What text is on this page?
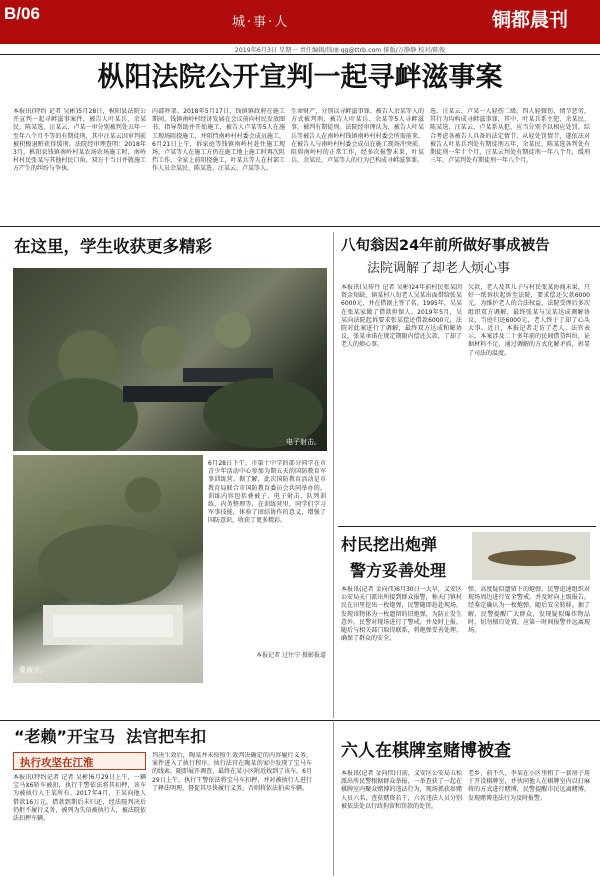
B/06	城·事·人	铜都晨刊
2019年6月3日 星期一 责任编辑/钱丽 qg@ttrb.com 排版/万静静 校对/陈俊
枞阳法院公开宣判一起寻衅滋事案
本报讯(特约 记者 吴彬)5月28日，枞阳县法院公开宣判一起寻衅滋事案件，被告人叶某兵、余某民、陈某选、汪某云、卢某一审分别被判处五年一至年八个月不等的有期徒刑，其中汪某云因审判前被积极退赃获得缓刑。法院经审理查明：2018年3月，枞阳县钱镇南岭村某农场农场施工时，南岭村村民张某与其他村民口角，双方于当日并就施工方产生的纠纷与争执。
内部吵架。2018年5月17日，钱镇镇政府在施工期间，钱镇南岭村经济发展在会议前向村民发放图书、指导帮助并开始施工，被告人卢某等5人在施工现场阻挠施工，并阻挡南岭村村委会成员施工，6月21日上午，诉家庭等钱镇南岭村赶往施工现场，卢某等人在施工方仍在施工地上施工时再次阻挡工作，全家上前阻挠施工，叶某兵等人在村部工作人员余某民、陈某选、汪某云、卢某等人。
生命财产，分别以寻衅滋事罪、被告人余某等人的方式被判刑，被告人叶某兵、余某等5人寻衅滋事，被判有期徒刑。法院经审理认为，被告人叶某兵等被告人在南岭村钱镇南岭村村委会所需前来，在被告人与南岭村村委会成员在施工现场冲突前，阻碍南岭村的正常工作，经多次报警未果，叶某兵、余某民、卢某等人的行为已构成寻衅滋事罪。
选、汪某云、卢某一人轻伤二级、四人轻微伤，情节恶劣，其行为均构成寻衅滋事罪，其中，叶某兵系主犯、余某民、陈某选、汪某云、卢某系从犯，应当分别予以相应处罚。综合考虑各被告人具备的法定情节，从轻处罚情节，遂依法对被告人叶某兵判处有期徒刑五年，余某民、陈某选各判处有期徒刑一年十个月，汪某云判处有期徒刑一年八个月，缓刑三年，卢某判处有期徒刑一年八个月。
在这里，学生收获更多精彩
电子射击。
叠被子。
6月28日下午，市第十中学的部分同学在市青少年活动中心参加为期五天的国防教育军事训练营。据了解，此次国防教育活动是市教育局联合市国防教育委员会共同举办的，训练内容包括叠被子、电子射击、队列训练、内务整理等，在训练营里，同学们学习军事技能，体验了团结协作的意义，增强了国防意识，收获了更多精彩。
本报记者 过往宁 摄影报道
八旬翁因24年前所做好事成被告
法院调解了却老人烦心事
本报讯(吴传丹 记者 吴彬)24年前村民张某因资金短缺，镇某村八旬老人吴某出面借给张某6000元，并在借据上签了名。1995年，吴某在张某家做了借款担保人。2019年5月，吴某向法院起诉要求张某偿还借款6000元，法院对此案进行了调解，最终双方达成和解协议，张某承诺在规定期限内偿还欠款，了却了老人的烦心事。
欠款，老人及其儿子与村民张某协商未果，只好一纸诉状起诉至法院，要求偿还欠款6000元。为维护老人的合法权益，法院受理后多次组织双方调解，最终张某与吴某达成调解协议，当庭归还6000元，老人终于了却了心头大事。近日，本报记者走访了老人。法官表示，本案涉及二十多年前的民间借贷纠纷，证据材料不足，通过调解的方式化解矛盾，彰显了司法的温度。
村民挖出炮弹
警方妥善处理
本报讯(记者 金向伟)6月30日一大早，义安区公安局天门派出所接到群众报警，称天门镇村民在田里挖出一枚炮弹，民警随即赶赴现场，发现该物体为一枚遗留的旧炮弹，为防止发生意外，民警对现场进行了警戒，并及时上报，随后与相关部门取得联系，将炮弹妥善处理，确保了群众的安全。
弹，高度疑似遗留下的炮弹，民警迅速组织对现场周边进行安全警戒，并及时向上级报告。经鉴定确认为一枚炮弹，随后安全转移。据了解，民警提醒广大群众，发现疑似爆炸物品时，切勿擅自处置，应第一时间报警并远离现场。
“老赖”开宝马  法官把车扣
执行攻坚在江淮
本报讯(特约记者 记者 吴彬)6月29日上午，一辆宝马X6轿车被扣，执行干警依法将其扣押，该车为被执行人王某所有。2017年4月，王某向他人借款16万元，借款到期后未归还，经法院判决后仍拒不履行义务，被列为失信被执行人，被法院依法扣押车辆。
判决生效后，陶某并未按照生效判决确定的内容履行义务，案件进入了执行程序。执行法官在陶某的家中发现了宝马车的线索，随即展开调查，最终在某小区附近找到了该车，6月29日上午，执行干警依法将宝马车扣押，并对被执行人进行了释法明理，督促其尽快履行义务，否则将依法拍卖车辆。
六人在棋牌室赌博被查
本报讯(记者 金向伟)日前，义安区公安局五松派出所民警根据群众举报，一举查获了一起在棋牌室内聚众赌博的违法行为，现场抓获参赌人员六名，查获赌资若干，六名违法人员分别被依法处以行政拘留和罚款的处罚。
老乡，前不久，李某在小区里租了一套房子用于开设棋牌室，并伙同他人在棋牌室内以打麻将的方式进行赌博，民警提醒市民远离赌博，发现赌博违法行为及时报警。
